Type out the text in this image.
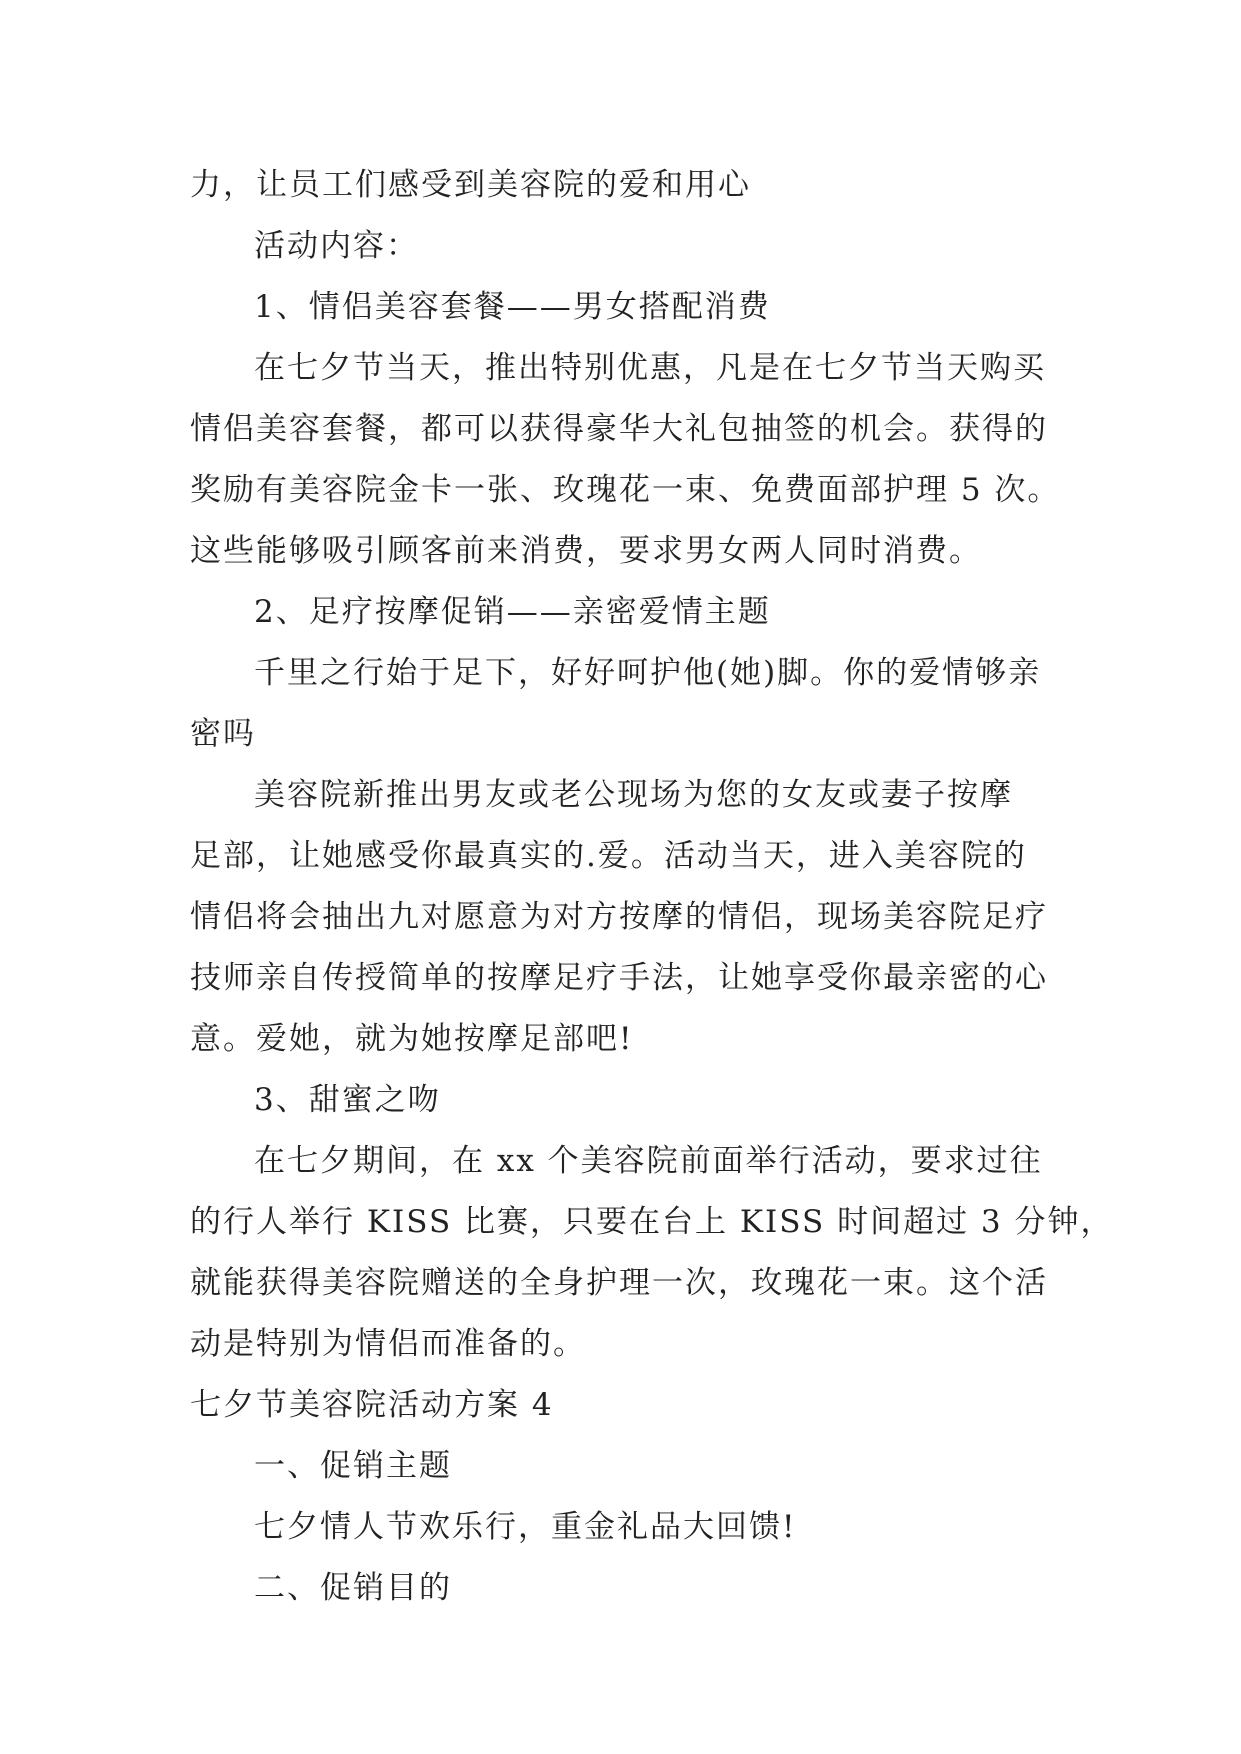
力，让员工们感受到美容院的爱和用心
活动内容：
1、情侣美容套餐——男女搭配消费
在七夕节当天，推出特别优惠，凡是在七夕节当天购买
情侣美容套餐，都可以获得豪华大礼包抽签的机会。获得的
奖励有美容院金卡一张、玫瑰花一束、免费面部护理 5 次。
这些能够吸引顾客前来消费，要求男女两人同时消费。
2、足疗按摩促销——亲密爱情主题
千里之行始于足下，好好呵护他(她)脚。你的爱情够亲
密吗
美容院新推出男友或老公现场为您的女友或妻子按摩
足部，让她感受你最真实的.爱。活动当天，进入美容院的
情侣将会抽出九对愿意为对方按摩的情侣，现场美容院足疗
技师亲自传授简单的按摩足疗手法，让她享受你最亲密的心
意。爱她，就为她按摩足部吧!
3、甜蜜之吻
在七夕期间，在 xx 个美容院前面举行活动，要求过往
的行人举行 KISS 比赛，只要在台上 KISS 时间超过 3 分钟，
就能获得美容院赠送的全身护理一次，玫瑰花一束。这个活
动是特别为情侣而准备的。
七夕节美容院活动方案 4
一、促销主题
七夕情人节欢乐行，重金礼品大回馈!
二、促销目的
